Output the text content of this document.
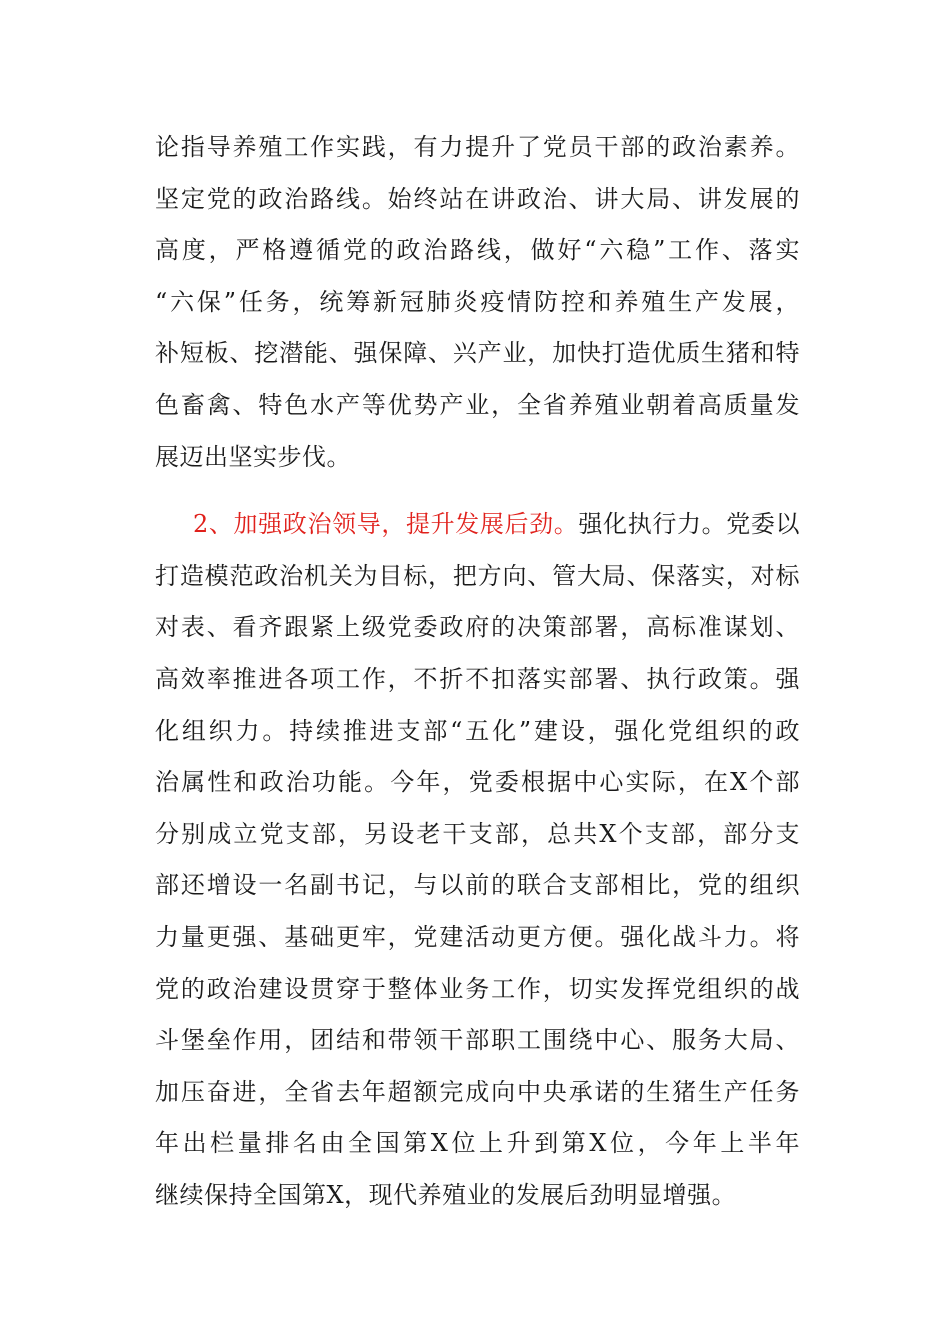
论指导养殖工作实践，有力提升了党员干部的政治素养。
坚定党的政治路线。始终站在讲政治、讲大局、讲发展的
高度，严格遵循党的政治路线，做好“六稳”工作、落实
“六保”任务，统筹新冠肺炎疫情防控和养殖生产发展，
补短板、挖潜能、强保障、兴产业，加快打造优质生猪和特
色畜禽、特色水产等优势产业，全省养殖业朝着高质量发
展迈出坚实步伐。
2、加强政治领导，提升发展后劲。强化执行力。党委以
打造模范政治机关为目标，把方向、管大局、保落实，对标
对表、看齐跟紧上级党委政府的决策部署，高标准谋划、
高效率推进各项工作，不折不扣落实部署、执行政策。强
化组织力。持续推进支部“五化”建设，强化党组织的政
治属性和政治功能。今年，党委根据中心实际，在X个部
分别成立党支部，另设老干支部，总共X个支部，部分支
部还增设一名副书记，与以前的联合支部相比，党的组织
力量更强、基础更牢，党建活动更方便。强化战斗力。将
党的政治建设贯穿于整体业务工作，切实发挥党组织的战
斗堡垒作用，团结和带领干部职工围绕中心、服务大局、
加压奋进，全省去年超额完成向中央承诺的生猪生产任务
年出栏量排名由全国第X位上升到第X位，今年上半年
继续保持全国第X，现代养殖业的发展后劲明显增强。
